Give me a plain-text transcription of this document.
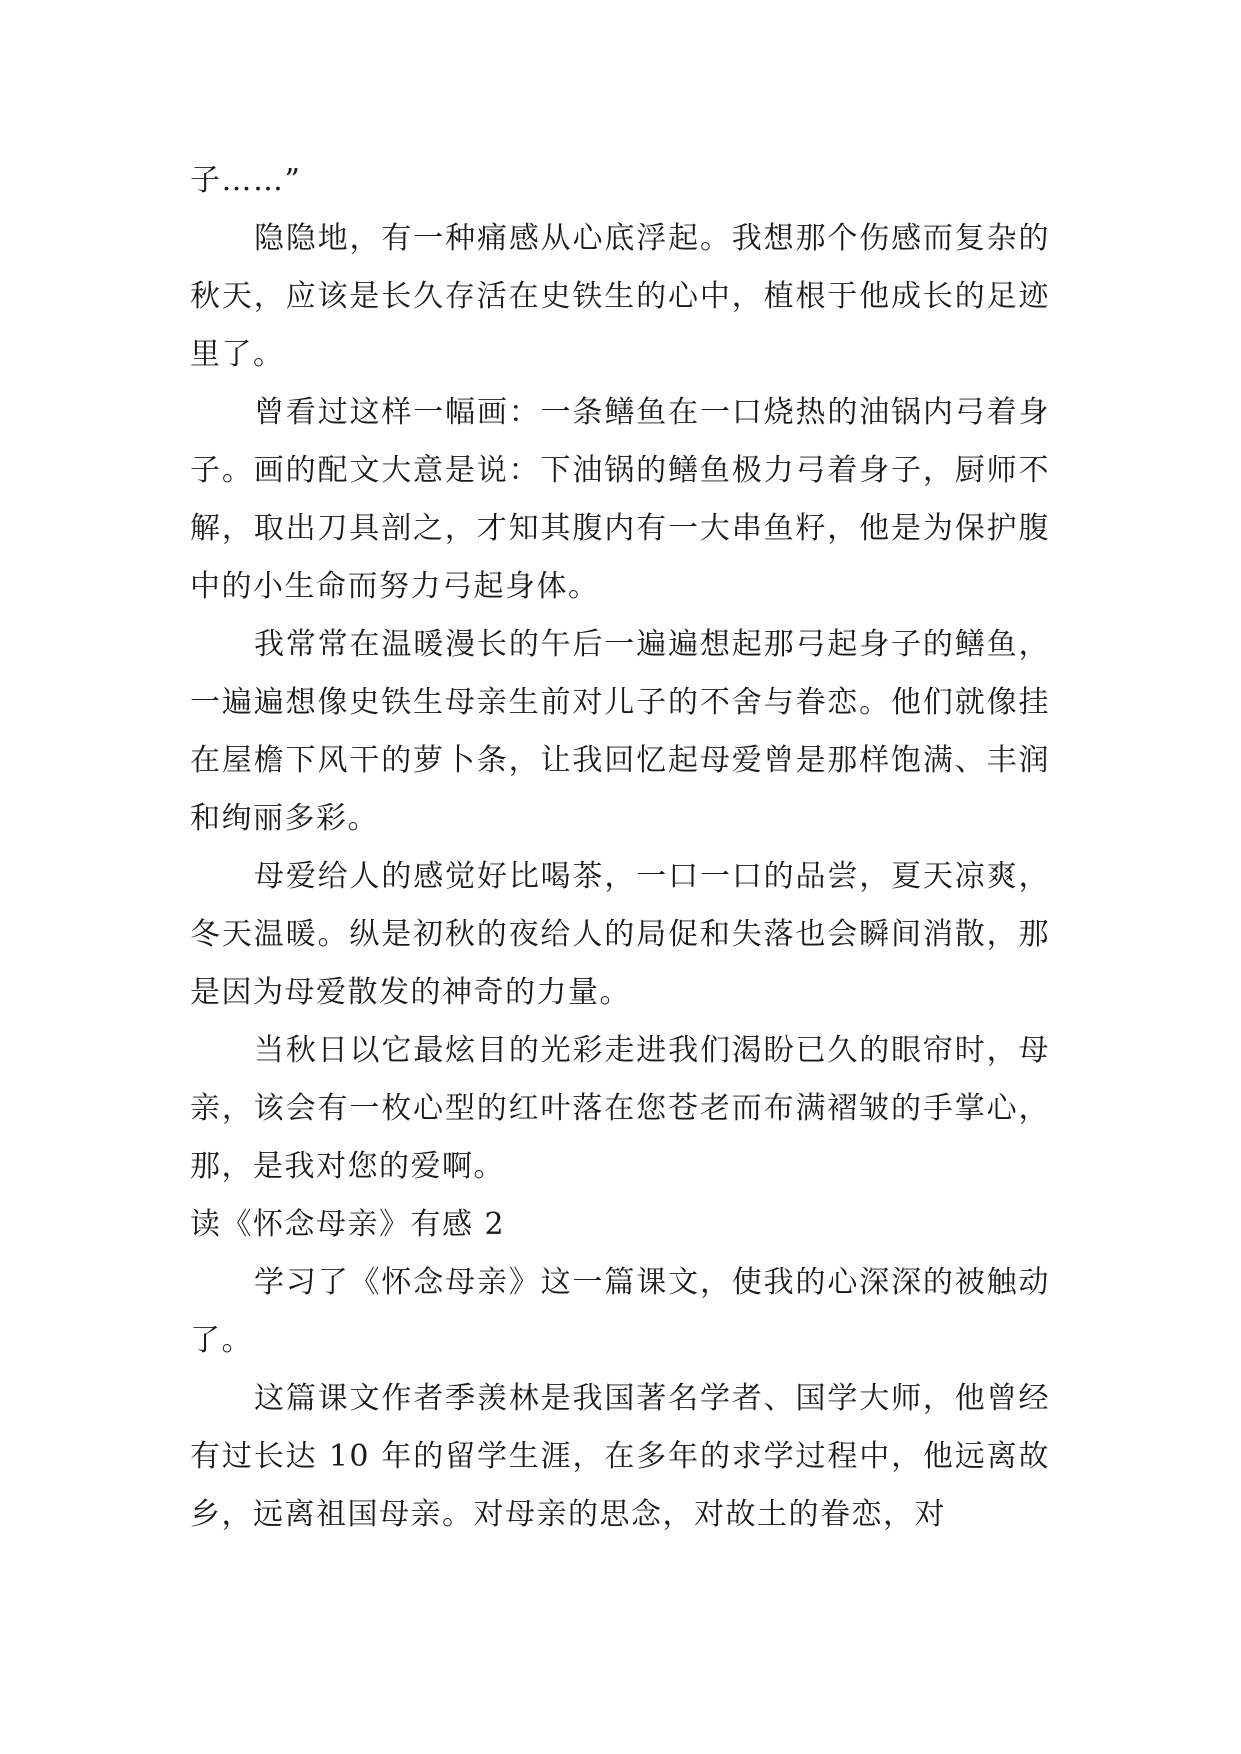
子……”

隐隐地，有一种痛感从心底浮起。我想那个伤感而复杂的秋天，应该是长久存活在史铁生的心中，植根于他成长的足迹里了。

曾看过这样一幅画：一条鳝鱼在一口烧热的油锅内弓着身子。画的配文大意是说：下油锅的鳝鱼极力弓着身子，厨师不解，取出刀具剖之，才知其腹内有一大串鱼籽，他是为保护腹中的小生命而努力弓起身体。

我常常在温暖漫长的午后一遍遍想起那弓起身子的鳝鱼，一遍遍想像史铁生母亲生前对儿子的不舍与眷恋。他们就像挂在屋檐下风干的萝卜条，让我回忆起母爱曾是那样饱满、丰润和绚丽多彩。

母爱给人的感觉好比喝茶，一口一口的品尝，夏天凉爽，冬天温暖。纵是初秋的夜给人的局促和失落也会瞬间消散，那是因为母爱散发的神奇的力量。

当秋日以它最炫目的光彩走进我们渴盼已久的眼帘时，母亲，该会有一枚心型的红叶落在您苍老而布满褶皱的手掌心，那，是我对您的爱啊。

读《怀念母亲》有感 2

学习了《怀念母亲》这一篇课文，使我的心深深的被触动了。

这篇课文作者季羡林是我国著名学者、国学大师，他曾经有过长达 10 年的留学生涯，在多年的求学过程中，他远离故乡，远离祖国母亲。对母亲的思念，对故土的眷恋，对
